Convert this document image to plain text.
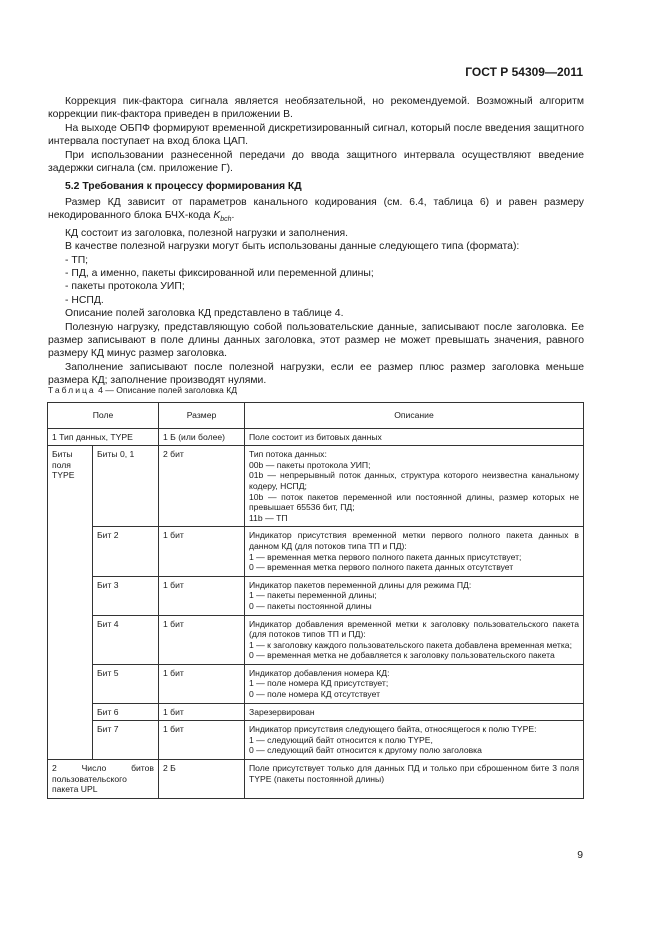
ГОСТ Р 54309—2011

Коррекция пик-фактора сигнала является необязательной, но рекомендуемой. Возможный алгоритм коррекции пик-фактора приведен в приложении В.

На выходе ОБПФ формируют временной дискретизированный сигнал, который после введения защитного интервала поступает на вход блока ЦАП.

При использовании разнесенной передачи до ввода защитного интервала осуществляют введение задержки сигнала (см. приложение Г).

5.2 Требования к процессу формирования КД

Размер КД зависит от параметров канального кодирования (см. 6.4, таблица 6) и равен размеру некодированного блока БЧХ-кода $K_{bch}$.

КД состоит из заголовка, полезной нагрузки и заполнения.

В качестве полезной нагрузки могут быть использованы данные следующего типа (формата):

- ТП;

- ПД, а именно, пакеты фиксированной или переменной длины;

- пакеты протокола УИП;

- НСПД.

Описание полей заголовка КД представлено в таблице 4.

Полезную нагрузку, представляющую собой пользовательские данные, записывают после заголовка. Ее размер записывают в поле длины данных заголовка, этот размер не может превышать значения, равного размеру КД минус размер заголовка.

Заполнение записывают после полезной нагрузки, если ее размер плюс размер заголовка меньше размера КД; заполнение производят нулями.

Таблица 4 — Описание полей заголовка КД
Поле		Размер	Описание
1 Тип данных, TYPE		1 Б (или более)	Поле состоит из битовых данных
Биты поля TYPE	Биты 0, 1	2 бит	Тип потока данных:
00b — пакеты протокола УИП;
01b — непрерывный поток данных, структура которого неизвестна канальному кодеру, НСПД;
10b — поток пакетов переменной или постоянной длины, размер которых не превышает 65536 бит, ПД;
11b — ТП

	Бит 2	1 бит	Индикатор присутствия временной метки первого полного пакета данных в данном КД (для потоков типа ТП и ПД):
1 — временная метка первого полного пакета данных присутствует;
0 — временная метка первого полного пакета данных отсутствует

	Бит 3	1 бит	Индикатор пакетов переменной длины для режима ПД:
1 — пакеты переменной длины;
0 — пакеты постоянной длины

	Бит 4	1 бит	Индикатор добавления временной метки к заголовку пользовательского пакета (для потоков типов ТП и ПД):
1 — к заголовку каждого пользовательского пакета добавлена временная метка;
0 — временная метка не добавляется к заголовку пользовательского пакета

	Бит 5	1 бит	Индикатор добавления номера КД:
1 — поле номера КД присутствует;
0 — поле номера КД отсутствует

	Бит 6	1 бит	Зарезервирован

	Бит 7	1 бит	Индикатор присутствия следующего байта, относящегося к полю TYPE:
1 — следующий байт относится к полю TYPE,
0 — следующий байт относится к другому полю заголовка

2 Число битов пользовательского пакета UPL		2 Б	Поле присутствует только для данных ПД и только при сброшенном бите 3 поля TYPE (пакеты постоянной длины)
9
